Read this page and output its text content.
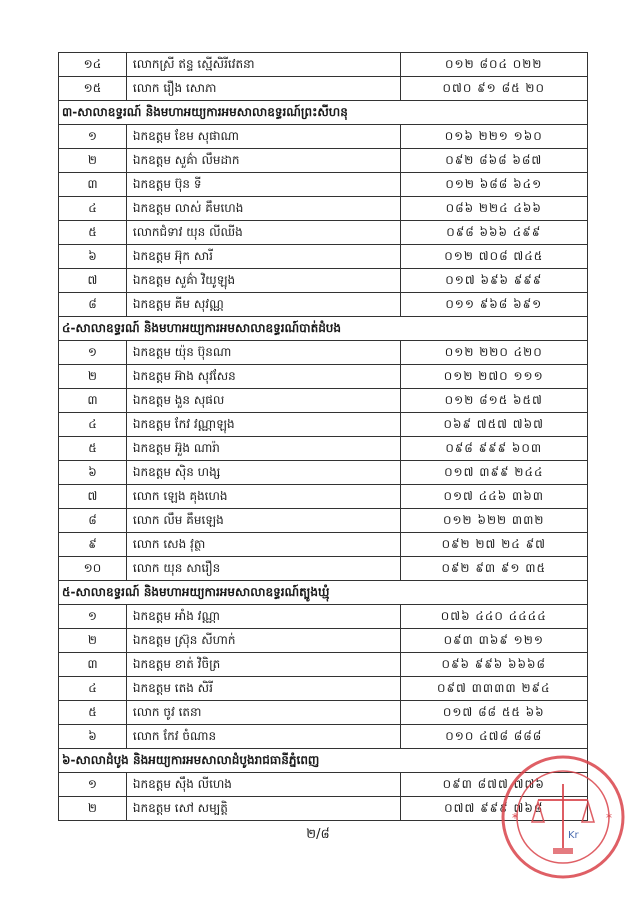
១៤	លោកស្រី ឥន្ទ ស្មើសិរីវេតនា	០១២ ៨០៤ ០២២
១៥	លោក រឿង សោភា	០៧០ ៩១ ៨៥ ២០
៣-សាលាឧទ្ធរណ៍ និងមហាអយ្យការអមសាលាឧទ្ធរណ៍ព្រះសីហនុ		
១	ឯកឧត្តម ខែម សុផាណា	០១៦ ២២១ ១៦០
២	ឯកឧត្តម សួគ៌ា លឹមដាក	០៩២ ៨៦៨ ៦៨៧
៣	ឯកឧត្តម ប៊ុន ទី	០១២ ៦៨៨ ៦៤១
៤	ឯកឧត្តម លាស់ គឹមហេង	០៨៦ ២២៤ ៤៦៦
៥	លោកជំទាវ យុន លីឈីង	០៩៨ ៦៦៦ ៤៩៩
៦	ឯកឧត្តម អ៊ុក សារី	០១២ ៧០៨ ៧៤៥
៧	ឯកឧត្តម សួគ៌ា វិយូឡុង	០១៧ ៦៩៦ ៩៩៩
៨	ឯកឧត្តម គីម សុវណ្ណ	០១១ ៩៦៨ ៦៩១
៤-សាលាឧទ្ធរណ៍ និងមហាអយ្យការអមសាលាឧទ្ធរណ៍បាត់ដំបង		
១	ឯកឧត្តម យ៉ុន ប៊ុនណា	០១២ ២២០ ៤២០
២	ឯកឧត្តម អ៊ាង សុវសែន	០១២ ២៧០ ១១១
៣	ឯកឧត្តម ងួន សុផល	០១២ ៨១៥ ៦៥៧
៤	ឯកឧត្តម កែវ វណ្ណាឡុង	០៦៩ ៧៥៧ ៧៦៧
៥	ឯកឧត្តម អ៊ួង ណារ៉ា	០៩៨ ៩៩៩ ៦០៣
៦	ឯកឧត្តម ស៊ិន ហង្ស	០១៧ ៣៩៩ ២៤៤
៧	លោក ឡេង គុងហេង	០១៧ ៤៤៦ ៣៦៣
៨	លោក លឹម គឹមឡេង	០១២ ៦២២ ៣៣២
៩	លោក សេង វុត្ថា	០៩២ ២៧ ២៤ ៩៧
១០	លោក យុន សារឿន	០៩២ ៩៣ ៩១ ៣៥
៥-សាលាឧទ្ធរណ៍ និងមហាអយ្យការអមសាលាឧទ្ធរណ៍ត្បូងឃ្មុំ		
១	ឯកឧត្តម អាំង វណ្ណា	០៧៦ ៤៤០ ៤៤៤៤
២	ឯកឧត្តម ស្រ៊ុន សីហាក់	០៩៣ ៣៦៩ ១២១
៣	ឯកឧត្តម ខាត់ វិចិត្រ	០៩៦ ៩៩៦ ៦៦៦៨
៤	ឯកឧត្តម តេង សិរី	០៩៧ ៣៣៣៣ ២៩៤
៥	លោក ចូវ តេនា	០១៧ ៨៨ ៥៥ ៦៦
៦	លោក កែវ ចំណាន	០១០ ៤៧៨ ៨៨៨
៦-សាលាដំបូង និងអយ្យការអមសាលាដំបូងរាជធានីភ្នំពេញ		
១	ឯកឧត្តម ស៊ឹង លីហេង	០៩៣ ៨៧៧ ៧៧៦
២	ឯកឧត្តម សៅ សម្បត្តិ	០៧៧ ៩៩៩ ៧៦៨
២/៨
*	*
Kr
